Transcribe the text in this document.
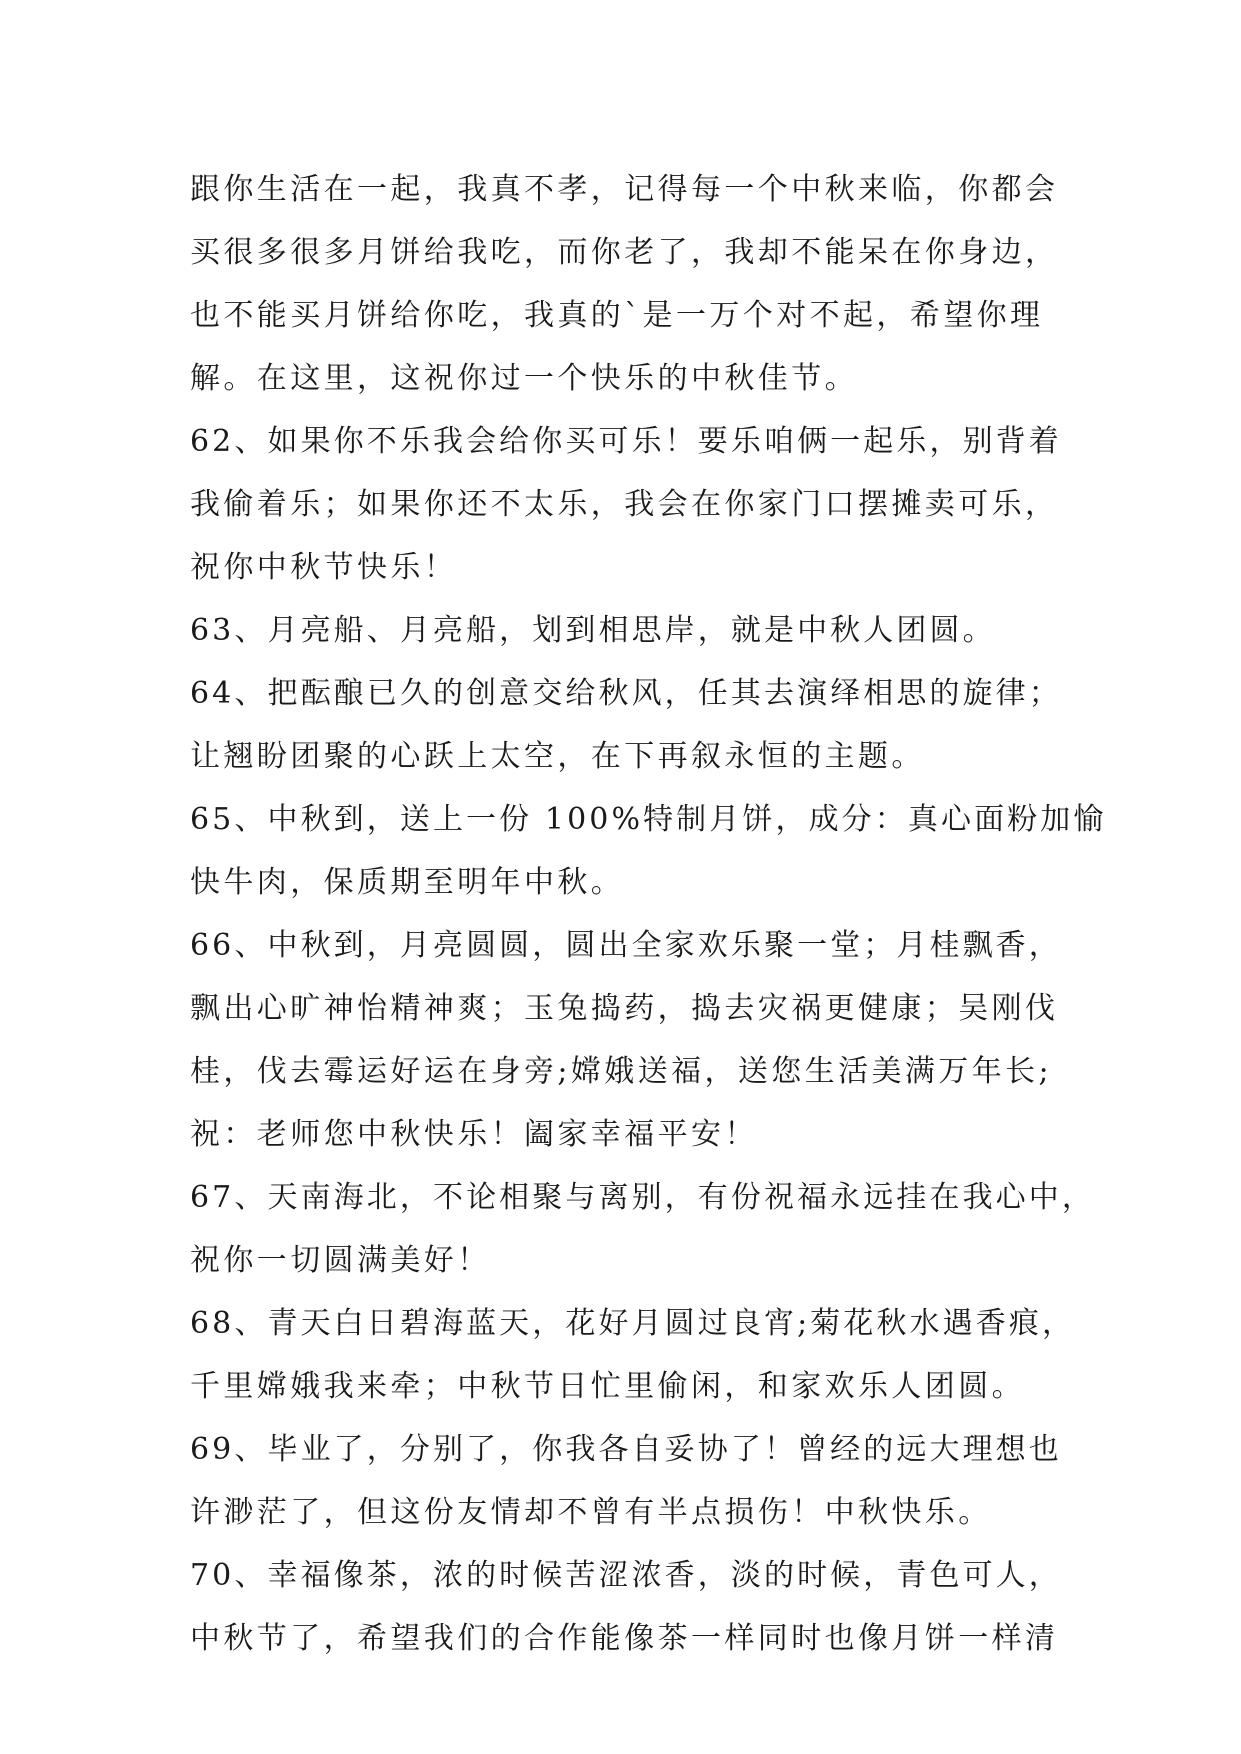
跟你生活在一起，我真不孝，记得每一个中秋来临，你都会
买很多很多月饼给我吃，而你老了，我却不能呆在你身边，
也不能买月饼给你吃，我真的`是一万个对不起，希望你理
解。在这里，这祝你过一个快乐的中秋佳节。
62、如果你不乐我会给你买可乐！要乐咱俩一起乐，别背着
我偷着乐；如果你还不太乐，我会在你家门口摆摊卖可乐，
祝你中秋节快乐！
63、月亮船、月亮船，划到相思岸，就是中秋人团圆。
64、把酝酿已久的创意交给秋风，任其去演绎相思的旋律；
让翘盼团聚的心跃上太空，在下再叙永恒的主题。
65、中秋到，送上一份 100%特制月饼，成分：真心面粉加愉
快牛肉，保质期至明年中秋。
66、中秋到，月亮圆圆，圆出全家欢乐聚一堂；月桂飘香，
飘出心旷神怡精神爽；玉兔捣药，捣去灾祸更健康；吴刚伐
桂，伐去霉运好运在身旁;嫦娥送福，送您生活美满万年长;
祝：老师您中秋快乐！阖家幸福平安！
67、天南海北，不论相聚与离别，有份祝福永远挂在我心中，
祝你一切圆满美好！
68、青天白日碧海蓝天，花好月圆过良宵;菊花秋水遇香痕，
千里嫦娥我来牵；中秋节日忙里偷闲，和家欢乐人团圆。
69、毕业了，分别了，你我各自妥协了！曾经的远大理想也
许渺茫了，但这份友情却不曾有半点损伤！中秋快乐。
70、幸福像茶，浓的时候苦涩浓香，淡的时候，青色可人，
中秋节了，希望我们的合作能像茶一样同时也像月饼一样清
